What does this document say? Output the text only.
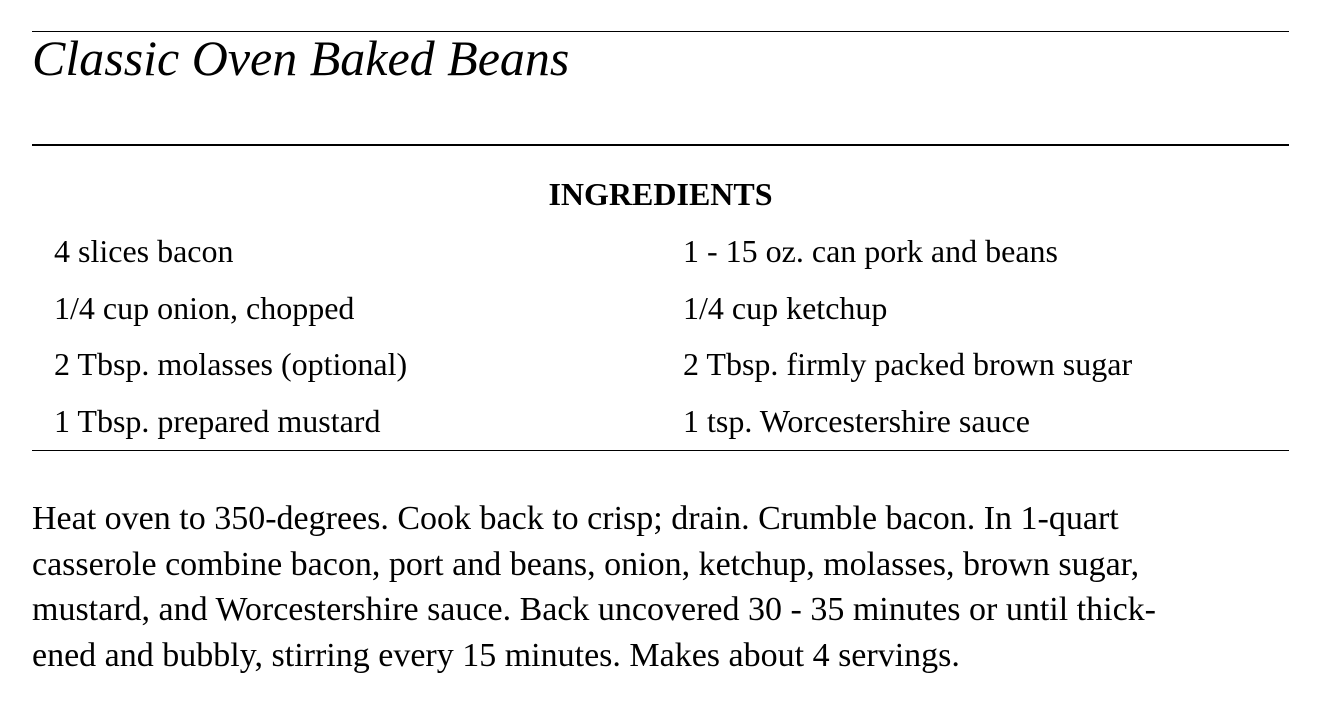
Classic Oven Baked Beans
INGREDIENTS
4 slices bacon	1 - 15 oz. can pork and beans
1/4 cup onion, chopped	1/4 cup ketchup
2 Tbsp. molasses (optional)	2 Tbsp. firmly packed brown sugar
1 Tbsp. prepared mustard	1 tsp. Worcestershire sauce

Heat oven to 350-degrees. Cook back to crisp; drain. Crumble bacon. In 1-quart
casserole combine bacon, port and beans, onion, ketchup, molasses, brown sugar,
mustard, and Worcestershire sauce. Back uncovered 30 - 35 minutes or until thick-
ened and bubbly, stirring every 15 minutes. Makes about 4 servings.
